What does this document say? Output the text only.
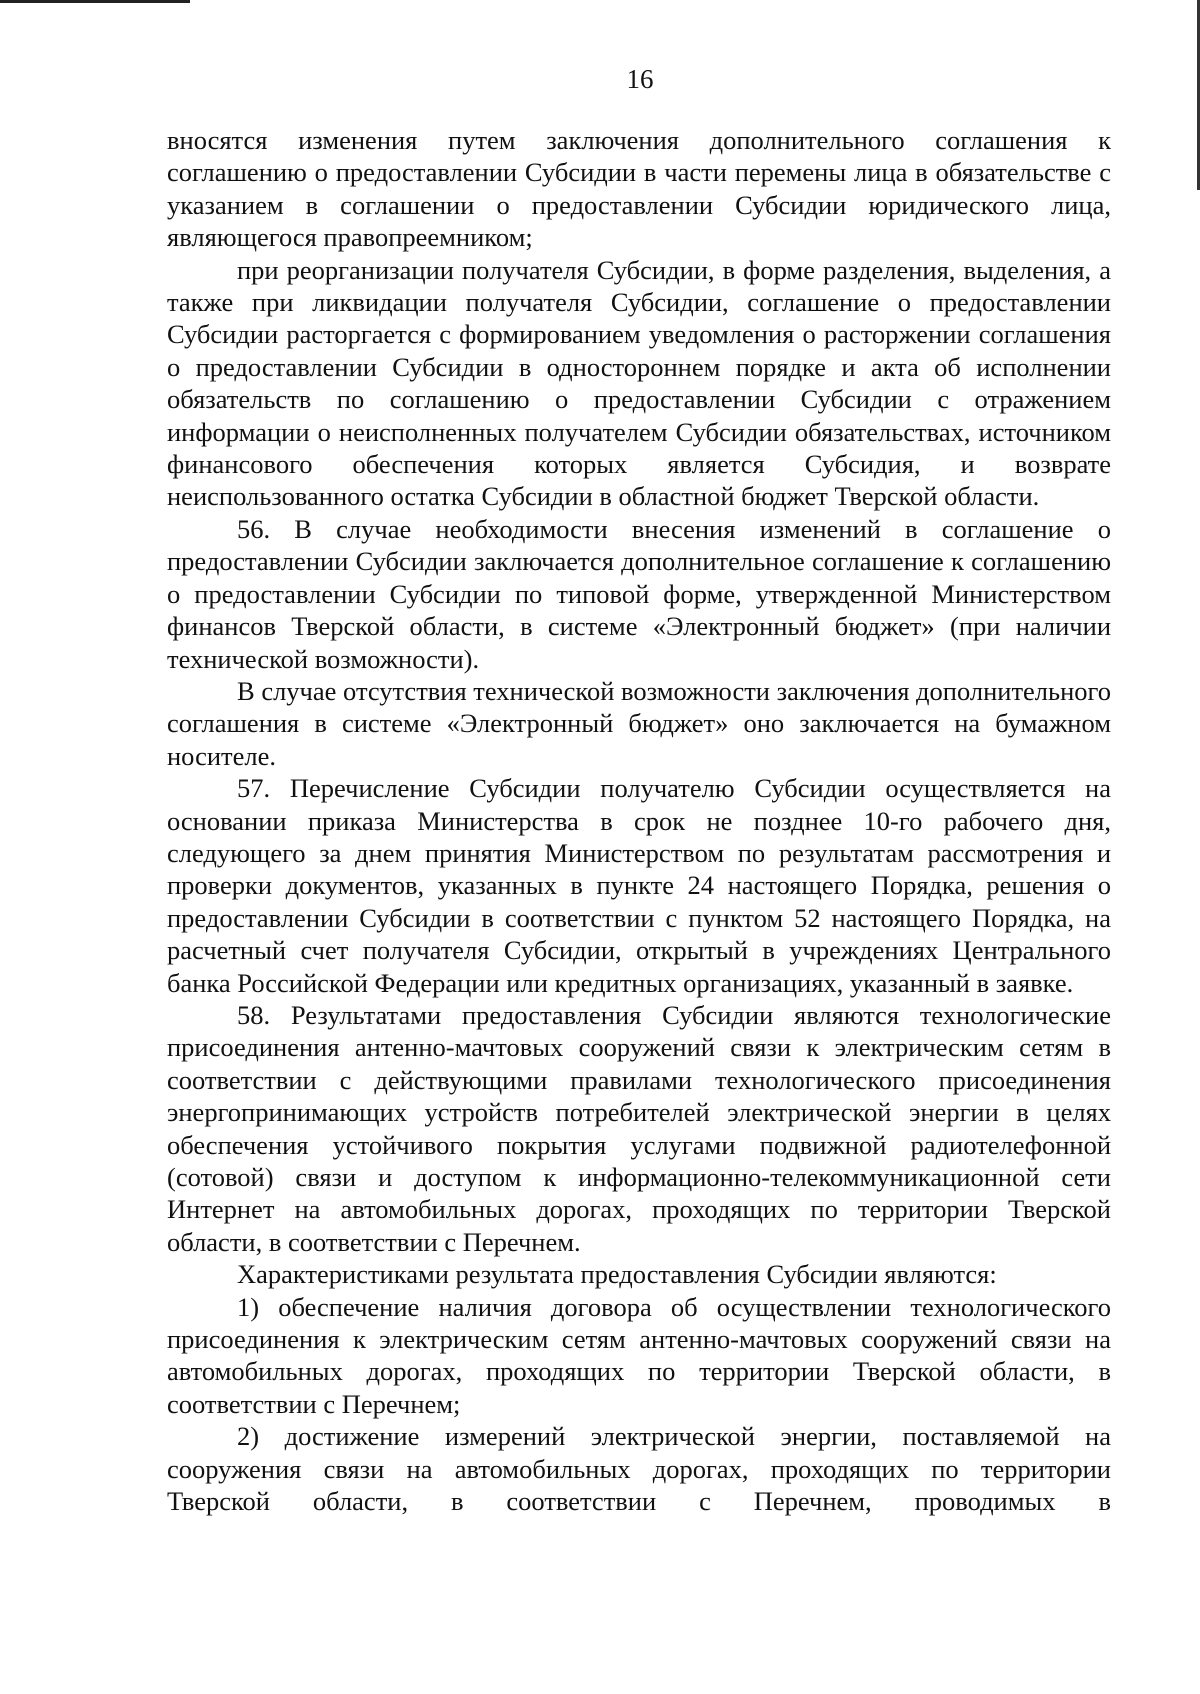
16

вносятся изменения путем заключения дополнительного соглашения к соглашению о предоставлении Субсидии в части перемены лица в обязательстве с указанием в соглашении о предоставлении Субсидии юридического лица, являющегося правопреемником;

при реорганизации получателя Субсидии, в форме разделения, выделения, а также при ликвидации получателя Субсидии, соглашение о предоставлении Субсидии расторгается с формированием уведомления о расторжении соглашения о предоставлении Субсидии в одностороннем порядке и акта об исполнении обязательств по соглашению о предоставлении Субсидии с отражением информации о неисполненных получателем Субсидии обязательствах, источником финансового обеспечения которых является Субсидия, и возврате неиспользованного остатка Субсидии в областной бюджет Тверской области.

56. В случае необходимости внесения изменений в соглашение о предоставлении Субсидии заключается дополнительное соглашение к соглашению о предоставлении Субсидии по типовой форме, утвержденной Министерством финансов Тверской области, в системе «Электронный бюджет» (при наличии технической возможности).

В случае отсутствия технической возможности заключения дополнительного соглашения в системе «Электронный бюджет» оно заключается на бумажном носителе.

57. Перечисление Субсидии получателю Субсидии осуществляется на основании приказа Министерства в срок не позднее 10-го рабочего дня, следующего за днем принятия Министерством по результатам рассмотрения и проверки документов, указанных в пункте 24 настоящего Порядка, решения о предоставлении Субсидии в соответствии с пунктом 52 настоящего Порядка, на расчетный счет получателя Субсидии, открытый в учреждениях Центрального банка Российской Федерации или кредитных организациях, указанный в заявке.

58. Результатами предоставления Субсидии являются технологические присоединения антенно-мачтовых сооружений связи к электрическим сетям в соответствии с действующими правилами технологического присоединения энергопринимающих устройств потребителей электрической энергии в целях обеспечения устойчивого покрытия услугами подвижной радиотелефонной (сотовой) связи и доступом к информационно-телекоммуникационной сети Интернет на автомобильных дорогах, проходящих по территории Тверской области, в соответствии с Перечнем.

Характеристиками результата предоставления Субсидии являются:

1) обеспечение наличия договора об осуществлении технологического присоединения к электрическим сетям антенно-мачтовых сооружений связи на автомобильных дорогах, проходящих по территории Тверской области, в соответствии с Перечнем;

2) достижение измерений электрической энергии, поставляемой на сооружения связи на автомобильных дорогах, проходящих по территории Тверской области, в соответствии с Перечнем, проводимых в
